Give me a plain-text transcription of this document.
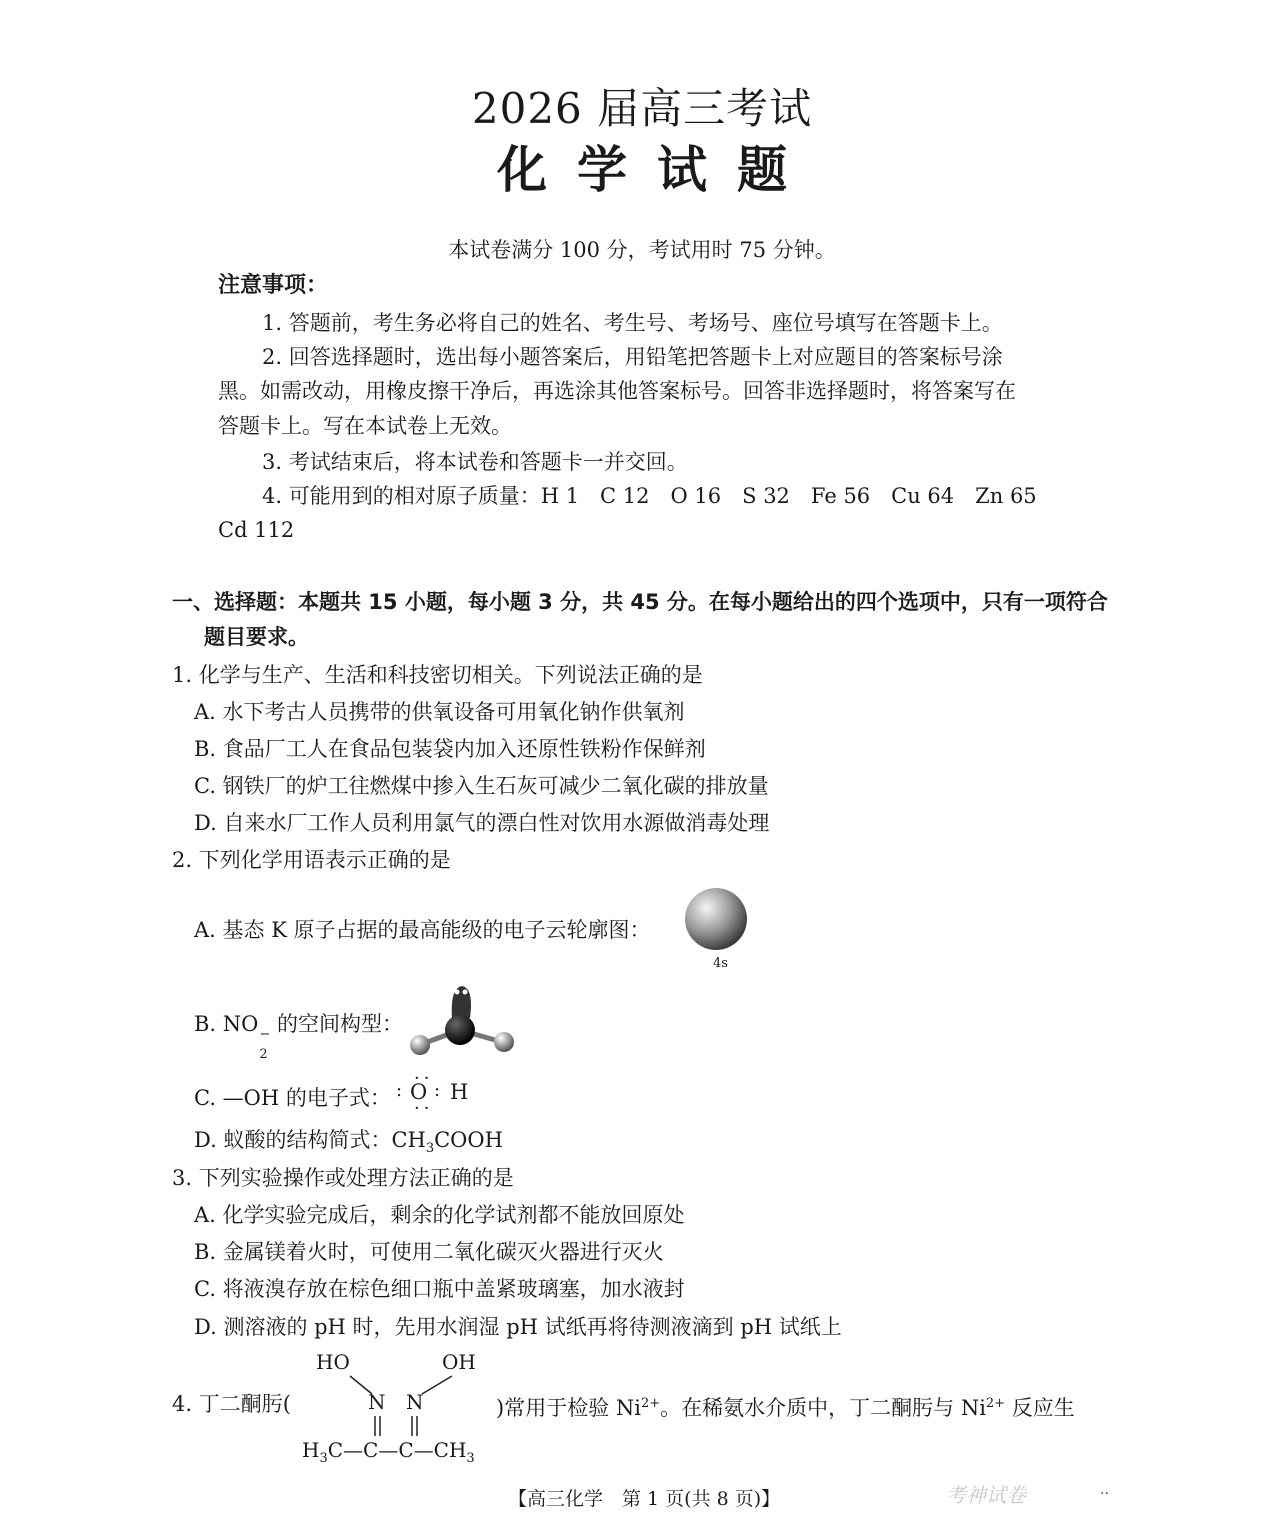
2026 届高三考试
化学试题
本试卷满分 100 分，考试用时 75 分钟。
注意事项：
1. 答题前，考生务必将自己的姓名、考生号、考场号、座位号填写在答题卡上。
2. 回答选择题时，选出每小题答案后，用铅笔把答题卡上对应题目的答案标号涂
黑。如需改动，用橡皮擦干净后，再选涂其他答案标号。回答非选择题时，将答案写在
答题卡上。写在本试卷上无效。
3. 考试结束后，将本试卷和答题卡一并交回。
4. 可能用到的相对原子质量：H 1　C 12　O 16　S 32　Fe 56　Cu 64　Zn 65
Cd 112
一、选择题：本题共 15 小题，每小题 3 分，共 45 分。在每小题给出的四个选项中，只有一项符合
题目要求。
1. 化学与生产、生活和科技密切相关。下列说法正确的是
A. 水下考古人员携带的供氧设备可用氧化钠作供氧剂
B. 食品厂工人在食品包装袋内加入还原性铁粉作保鲜剂
C. 钢铁厂的炉工往燃煤中掺入生石灰可减少二氧化碳的排放量
D. 自来水厂工作人员利用氯气的漂白性对饮用水源做消毒处理
2. 下列化学用语表示正确的是
A. 基态 K 原子占据的最高能级的电子云轮廓图：
4s
B. NO −
2
的空间构型：
C. —OH 的电子式：
··
: O : H
··
D. 蚁酸的结构简式：$CH_3COOH$
3. 下列实验操作或处理方法正确的是
A. 化学实验完成后，剩余的化学试剂都不能放回原处
B. 金属镁着火时，可使用二氧化碳灭火器进行灭火
C. 将液溴存放在棕色细口瓶中盖紧玻璃塞，加水液封
D. 测溶液的 pH 时，先用水润湿 pH 试纸再将待测液滴到 pH 试纸上
4. 丁二酮肟(
HO	OH
N N
$H_3C—C—C—CH_3$
)常用于检验 $Ni^{2+}$。在稀氨水介质中，丁二酮肟与 $Ni^{2+}$ 反应生
【高三化学　第 1 页(共 8 页)】	考神试卷	··
